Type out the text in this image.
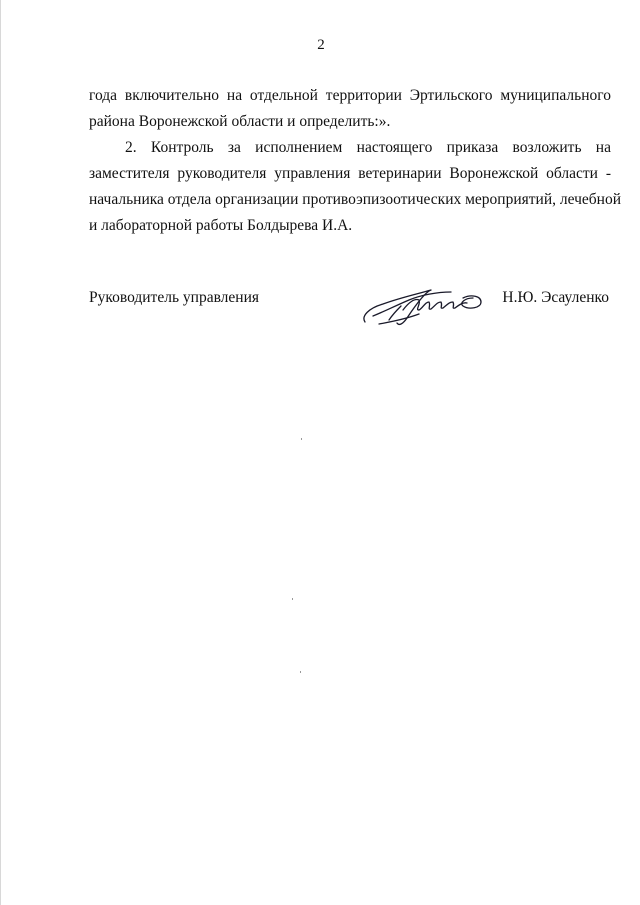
2
года включительно на отдельной территории Эртильского муниципального
района Воронежской области и определить:».
2. Контроль за исполнением настоящего приказа возложить на
заместителя руководителя управления ветеринарии Воронежской области -
начальника отдела организации противоэпизоотических мероприятий, лечебной
и лабораторной работы Болдырева И.А.
Руководитель управления	Н.Ю. Эсауленко
